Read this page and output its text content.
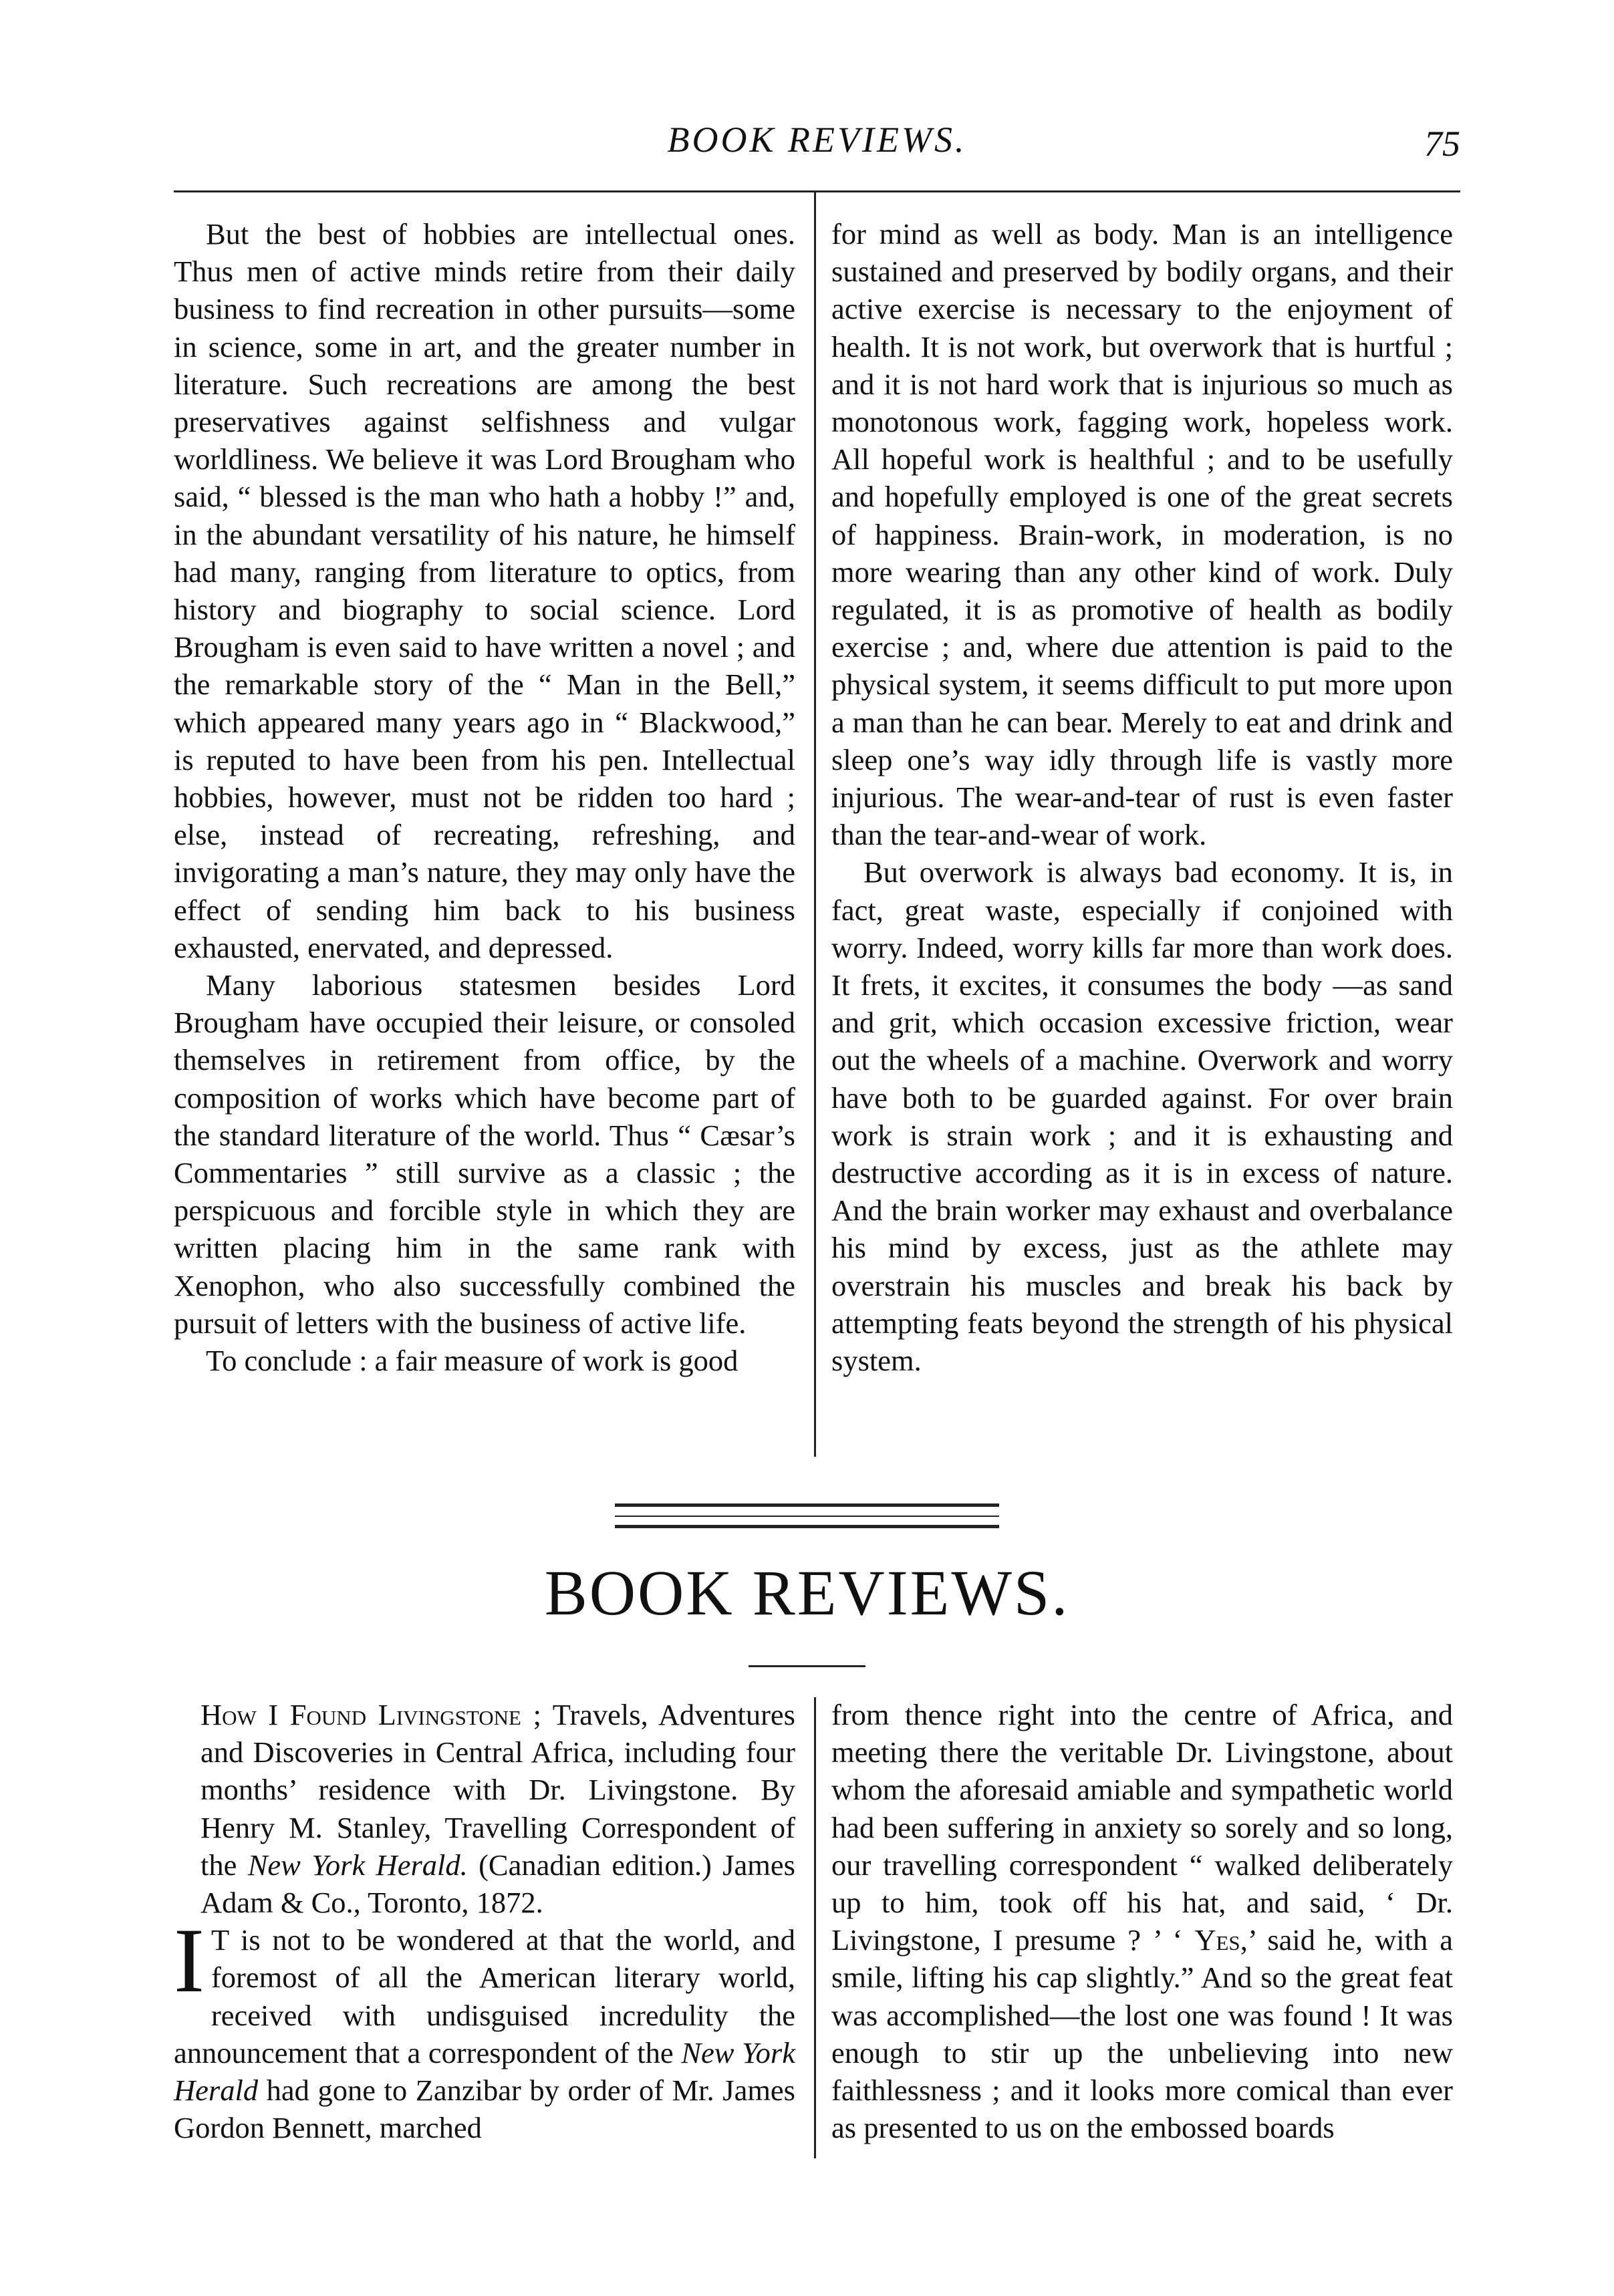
BOOK REVIEWS.	75

But the best of hobbies are intellectual ones. Thus men of active minds retire from their daily business to find recreation in other pursuits—some in science, some in art, and the greater number in literature. Such recreations are among the best preservatives against selfishness and vulgar worldliness. We believe it was Lord Brougham who said, “ blessed is the man who hath a hobby !” and, in the abundant versatility of his nature, he himself had many, ranging from literature to optics, from history and biography to social science. Lord Brougham is even said to have written a novel ; and the remarkable story of the “ Man in the Bell,” which appeared many years ago in “ Blackwood,” is reputed to have been from his pen. Intellectual hobbies, however, must not be ridden too hard ; else, instead of recreating, refreshing, and invigorating a man’s nature, they may only have the effect of sending him back to his business exhausted, enervated, and depressed.

Many laborious statesmen besides Lord Brougham have occupied their leisure, or consoled themselves in retirement from office, by the composition of works which have become part of the standard literature of the world. Thus “ Cæsar’s Commentaries ” still survive as a classic ; the perspicuous and forcible style in which they are written placing him in the same rank with Xenophon, who also successfully combined the pursuit of letters with the business of active life.

To conclude : a fair measure of work is good

for mind as well as body. Man is an intelligence sustained and preserved by bodily organs, and their active exercise is necessary to the enjoyment of health. It is not work, but overwork that is hurtful ; and it is not hard work that is injurious so much as monotonous work, fagging work, hopeless work. All hopeful work is healthful ; and to be usefully and hopefully employed is one of the great secrets of happiness. Brain-work, in moderation, is no more wearing than any other kind of work. Duly regulated, it is as promotive of health as bodily exercise ; and, where due attention is paid to the physical system, it seems difficult to put more upon a man than he can bear. Merely to eat and drink and sleep one’s way idly through life is vastly more injurious. The wear-and-tear of rust is even faster than the tear-and-wear of work.

But overwork is always bad economy. It is, in fact, great waste, especially if conjoined with worry. Indeed, worry kills far more than work does. It frets, it excites, it consumes the body —as sand and grit, which occasion excessive friction, wear out the wheels of a machine. Overwork and worry have both to be guarded against. For over brain work is strain work ; and it is exhausting and destructive according as it is in excess of nature. And the brain worker may exhaust and overbalance his mind by excess, just as the athlete may overstrain his muscles and break his back by attempting feats beyond the strength of his physical system.

BOOK REVIEWS.

How I Found Livingstone ; Travels, Adventures and Discoveries in Central Africa, including four months’ residence with Dr. Livingstone. By Henry M. Stanley, Travelling Correspondent of the New York Herald. (Canadian edition.) James Adam & Co., Toronto, 1872.

I T is not to be wondered at that the world, and foremost of all the American literary world, received with undisguised incredulity the announcement that a correspondent of the New York Herald had gone to Zanzibar by order of Mr. James Gordon Bennett, marched

from thence right into the centre of Africa, and meeting there the veritable Dr. Livingstone, about whom the aforesaid amiable and sympathetic world had been suffering in anxiety so sorely and so long, our travelling correspondent “ walked deliberately up to him, took off his hat, and said, ‘ Dr. Livingstone, I presume ? ’ ‘ Yes,’ said he, with a smile, lifting his cap slightly.” And so the great feat was accomplished—the lost one was found ! It was enough to stir up the unbelieving into new faithlessness ; and it looks more comical than ever as presented to us on the embossed boards
